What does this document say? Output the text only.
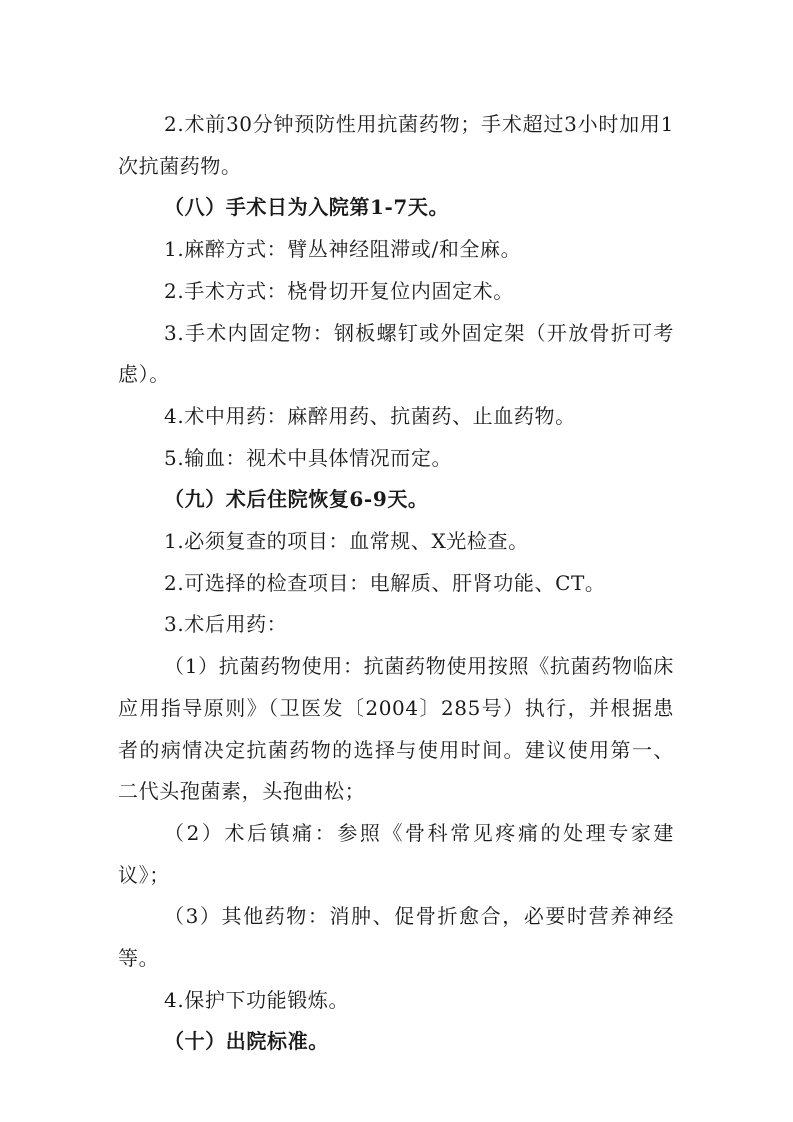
2.术前30分钟预防性用抗菌药物；手术超过3小时加用1次抗菌药物。

（八）手术日为入院第1-7天。

1.麻醉方式：臂丛神经阻滞或/和全麻。

2.手术方式：桡骨切开复位内固定术。

3.手术内固定物：钢板螺钉或外固定架（开放骨折可考虑）。

4.术中用药：麻醉用药、抗菌药、止血药物。

5.输血：视术中具体情况而定。

（九）术后住院恢复6-9天。

1.必须复查的项目：血常规、X光检查。

2.可选择的检查项目：电解质、肝肾功能、CT。

3.术后用药：

（1）抗菌药物使用：抗菌药物使用按照《抗菌药物临床应用指导原则》（卫医发〔2004〕285号）执行，并根据患者的病情决定抗菌药物的选择与使用时间。建议使用第一、二代头孢菌素，头孢曲松；

（2）术后镇痛：参照《骨科常见疼痛的处理专家建议》；

（3）其他药物：消肿、促骨折愈合，必要时营养神经等。

4.保护下功能锻炼。

（十）出院标准。
